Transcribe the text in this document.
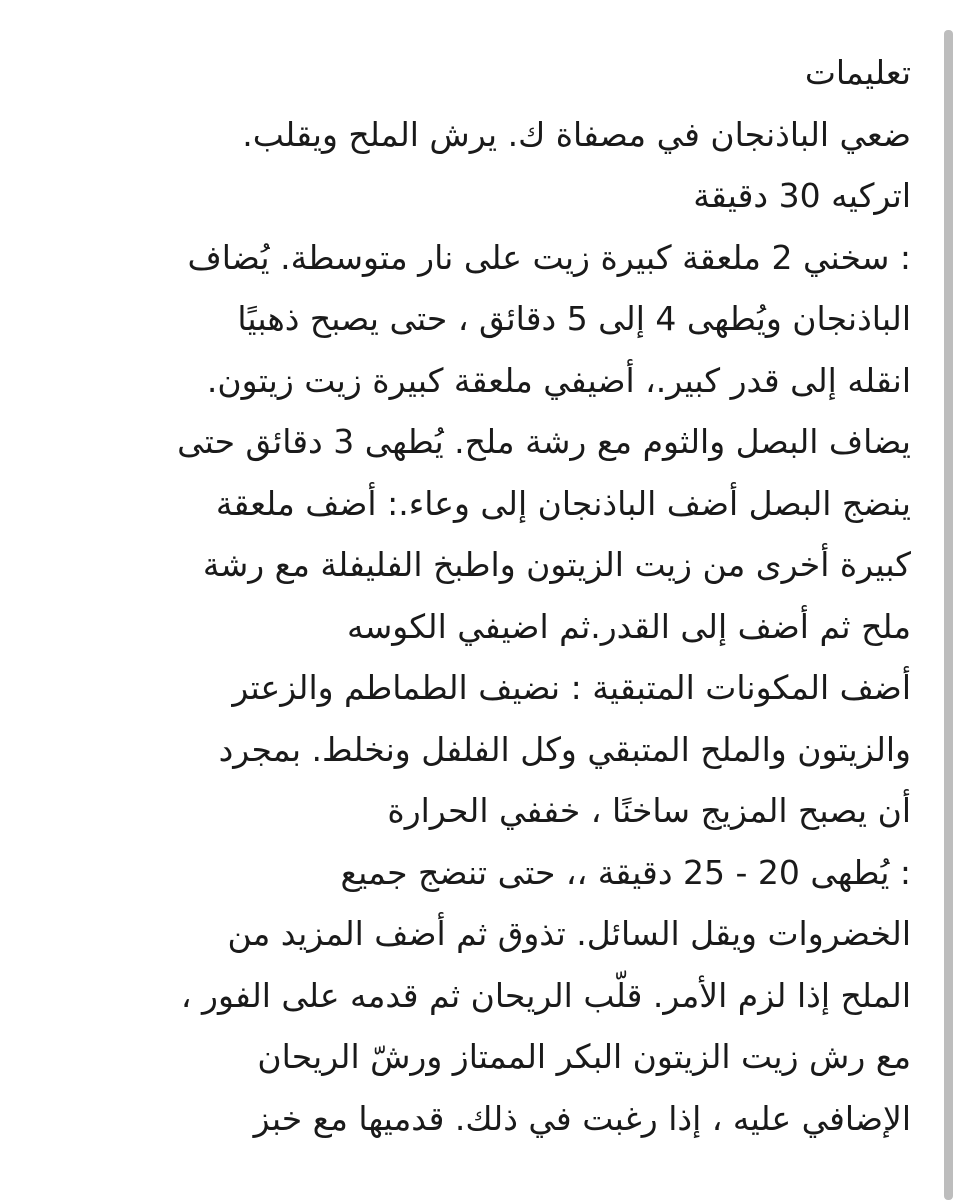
تعليمات
ضعي الباذنجان في مصفاة ك. يرش الملح ويقلب.
اتركيه 30 دقيقة
: سخني 2 ملعقة كبيرة زيت على نار متوسطة. يُضاف
الباذنجان ويُطهى 4 إلى 5 دقائق ، حتى يصبح ذهبيًا
انقله إلى قدر كبير.، أضيفي ملعقة كبيرة زيت زيتون.
يضاف البصل والثوم مع رشة ملح. يُطهى 3 دقائق حتى
ينضج البصل أضف الباذنجان إلى وعاء.: أضف ملعقة
كبيرة أخرى من زيت الزيتون واطبخ الفليفلة مع رشة
ملح ثم أضف إلى القدر.ثم اضيفي الكوسه
أضف المكونات المتبقية : نضيف الطماطم والزعتر
والزيتون والملح المتبقي وكل الفلفل ونخلط. بمجرد
أن يصبح المزيج ساخنًا ، خففي الحرارة
: يُطهى 20 - 25 دقيقة ،، حتى تنضج جميع
الخضروات ويقل السائل. تذوق ثم أضف المزيد من
الملح إذا لزم الأمر. قلّب الريحان ثم قدمه على الفور ،
مع رش زيت الزيتون البكر الممتاز ورشّ الريحان
الإضافي عليه ، إذا رغبت في ذلك. قدميها مع خبز
